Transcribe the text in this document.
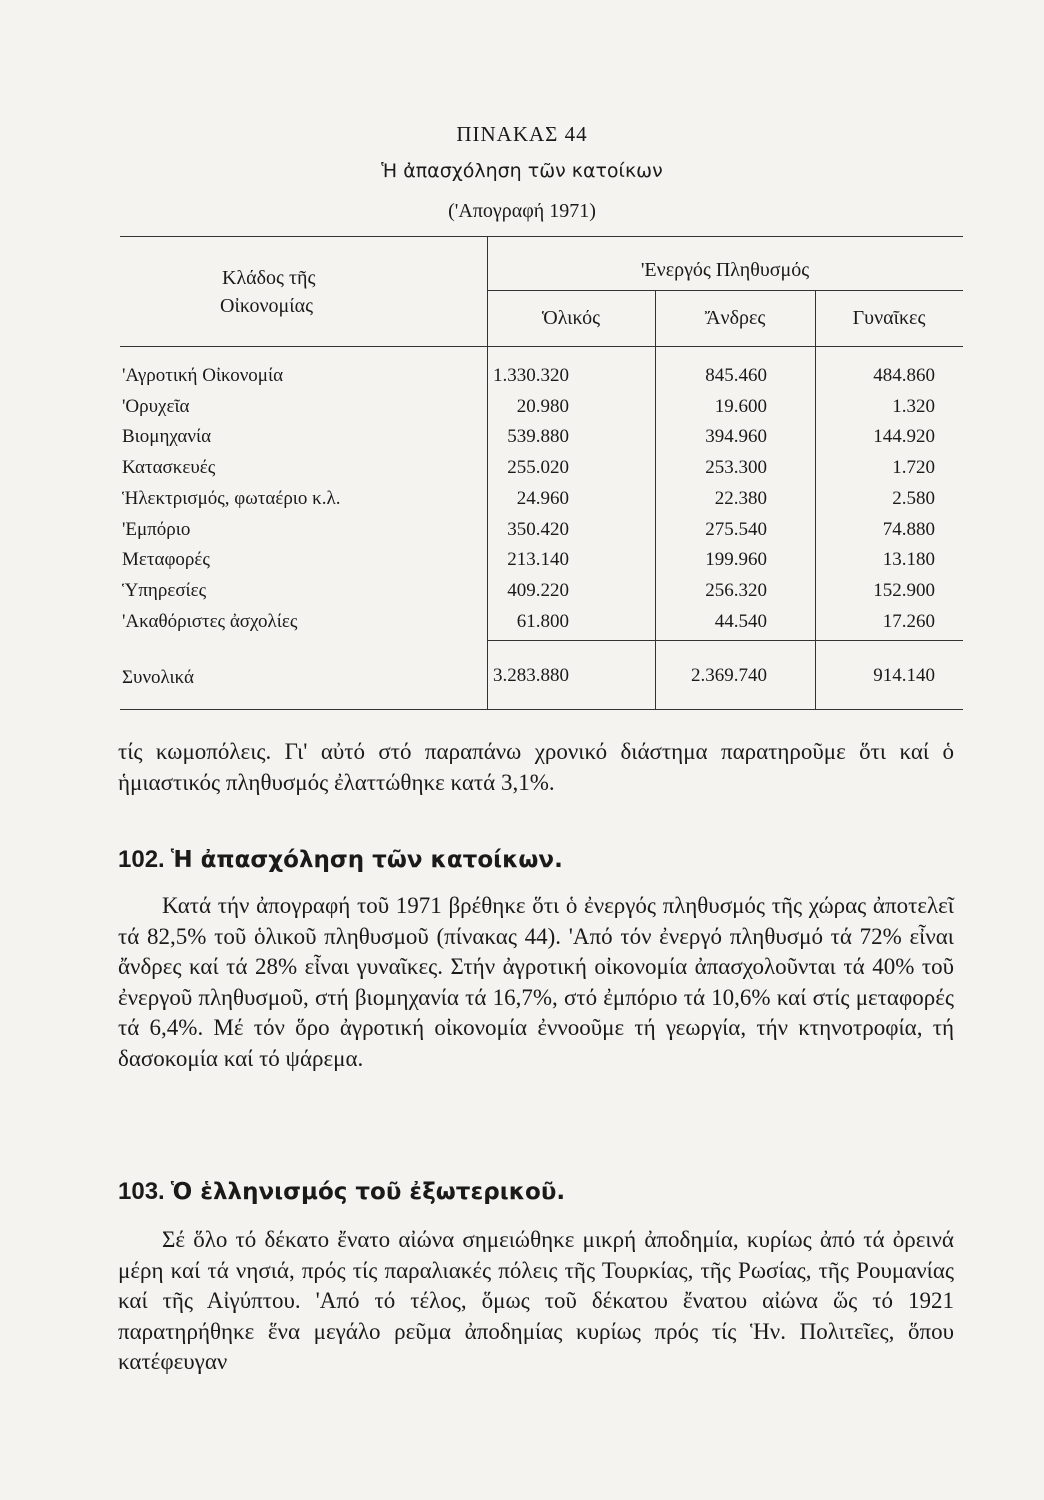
ΠΙΝΑΚΑΣ 44
Ἡ ἀπασχόληση τῶν κατοίκων
('Απογραφή 1971)
Κλάδος τῆς
Οἰκονομίας
'Ενεργός Πληθυσμός
Ὁλικός	Ἄνδρες	Γυναῖκες
'Αγροτική Οἰκονομία	1.330.320	845.460	484.860
'Ορυχεῖα	20.980	19.600	1.320
Βιομηχανία	539.880	394.960	144.920
Κατασκευές	255.020	253.300	1.720
Ἡλεκτρισμός, φωταέριο κ.λ.	24.960	22.380	2.580
'Εμπόριο	350.420	275.540	74.880
Μεταφορές	213.140	199.960	13.180
Ὑπηρεσίες	409.220	256.320	152.900
'Ακαθόριστες ἀσχολίες	61.800	44.540	17.260
Συνολικά	3.283.880	2.369.740	914.140
τίς κωμοπόλεις. Γι' αὐτό στό παραπάνω χρονικό διάστημα παρατηροῦμε ὅτι καί ὁ ἡμιαστικός πληθυσμός ἐλαττώθηκε κατά 3,1%.
102. Ἡ ἀπασχόληση τῶν κατοίκων.
Κατά τήν ἀπογραφή τοῦ 1971 βρέθηκε ὅτι ὁ ἐνεργός πληθυσμός τῆς χώρας ἀποτελεῖ τά 82,5% τοῦ ὁλικοῦ πληθυσμοῦ (πίνακας 44). 'Από τόν ἐνεργό πληθυσμό τά 72% εἶναι ἄνδρες καί τά 28% εἶναι γυναῖκες. Στήν ἀγροτική οἰκονομία ἀπασχολοῦνται τά 40% τοῦ ἐνεργοῦ πληθυσμοῦ, στή βιομηχανία τά 16,7%, στό ἐμπόριο τά 10,6% καί στίς μεταφορές τά 6,4%. Μέ τόν ὅρο ἀγροτική οἰκονομία ἐννοοῦμε τή γεωργία, τήν κτηνοτροφία, τή δασοκομία καί τό ψάρεμα.
103. Ὁ ἑλληνισμός τοῦ ἐξωτερικοῦ.
Σέ ὅλο τό δέκατο ἔνατο αἰώνα σημειώθηκε μικρή ἀποδημία, κυρίως ἀπό τά ὀρεινά μέρη καί τά νησιά, πρός τίς παραλιακές πόλεις τῆς Τουρκίας, τῆς Ρωσίας, τῆς Ρουμανίας καί τῆς Αἰγύπτου. 'Από τό τέλος, ὅμως τοῦ δέκατου ἔνατου αἰώνα ὥς τό 1921 παρατηρήθηκε ἕνα μεγάλο ρεῦμα ἀποδημίας κυρίως πρός τίς Ἡν. Πολιτεῖες, ὅπου κατέφευγαν
